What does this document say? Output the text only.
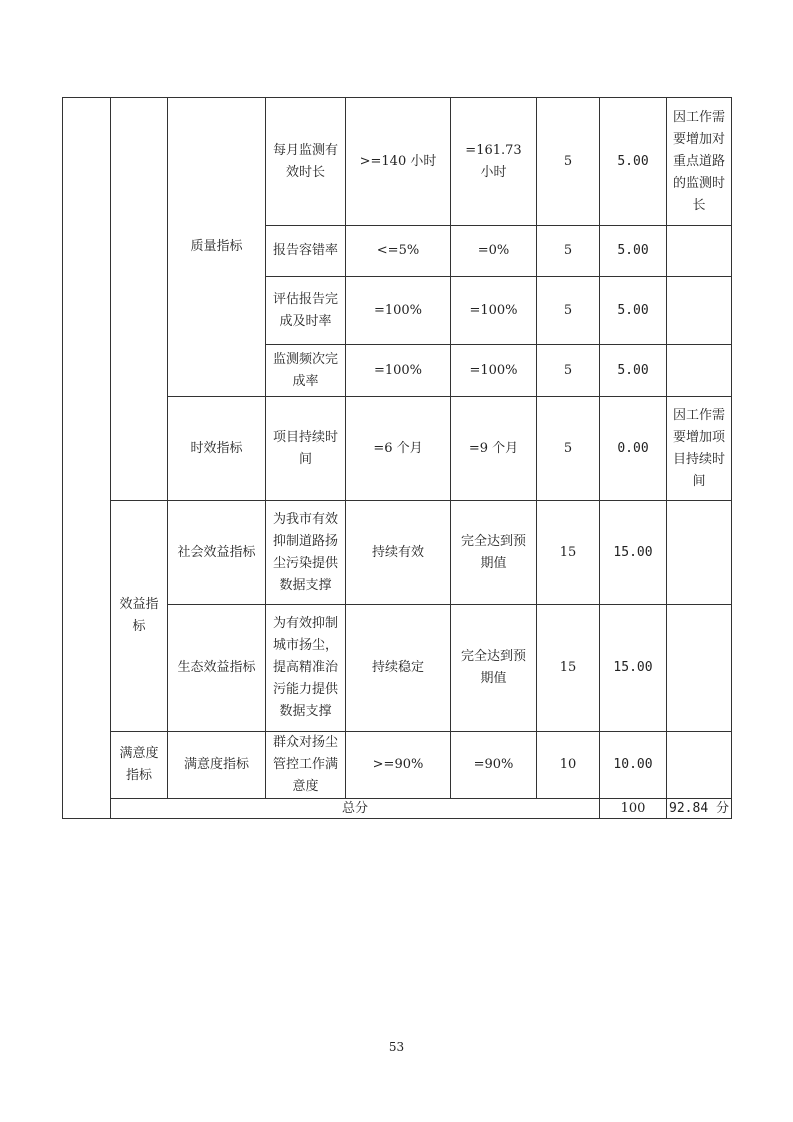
		质量指标	每月监测有效时长	>=140 小时	=161.73 小时	5	5.00	因工作需要增加对重点道路的监测时长	
			报告容错率	<=5%	=0%	5	5.00		
			评估报告完成及时率	=100%	=100%	5	5.00		
			监测频次完成率	=100%	=100%	5	5.00		
		时效指标	项目持续时间	=6 个月	=9 个月	5	0.00	因工作需要增加项目持续时间	
	效益指标	社会效益指标	为我市有效抑制道路扬尘污染提供数据支撑	持续有效	完全达到预期值	15	15.00		
		生态效益指标	为有效抑制城市扬尘，提高精准治污能力提供数据支撑	持续稳定	完全达到预期值	15	15.00		
	满意度指标	满意度指标	群众对扬尘管控工作满意度	>=90%	=90%	10	10.00		
	总分						100	92.84 分	
53
